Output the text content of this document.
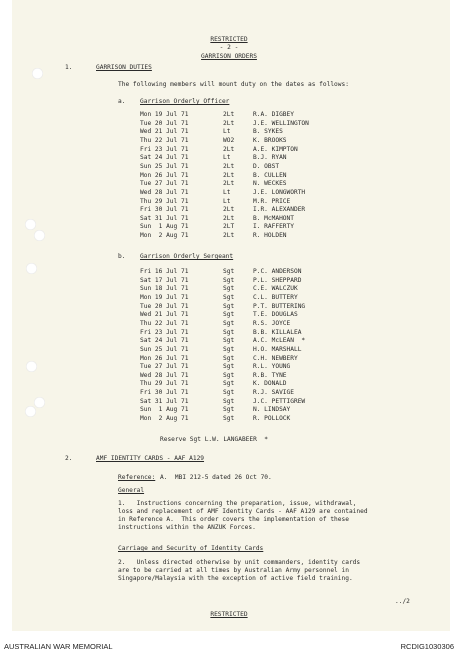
RESTRICTED
- 2 -
GARRISON ORDERS
1.	GARRISON DUTIES
The following members will mount duty on the dates as follows:
a. Garrison Orderly Officer
Mon 19 Jul 71	2Lt	R.A. DIGBEY
Tue 20 Jul 71	2Lt	J.E. WELLINGTON
Wed 21 Jul 71	Lt	B. SYKES
Thu 22 Jul 71	WO2	K. BROOKS
Fri 23 Jul 71	2Lt	A.E. KIMPTON
Sat 24 Jul 71	Lt	B.J. RYAN
Sun 25 Jul 71	2Lt	D. OBST
Mon 26 Jul 71	2Lt	B. CULLEN
Tue 27 Jul 71	2Lt	N. WECKES
Wed 28 Jul 71	Lt	J.E. LONGWORTH
Thu 29 Jul 71	Lt	M.R. PRICE
Fri 30 Jul 71	2Lt	I.R. ALEXANDER
Sat 31 Jul 71	2Lt	B. McMAHONT
Sun  1 Aug 71	2LT	I. RAFFERTY
Mon  2 Aug 71	2Lt	R. HOLDEN
b. Garrison Orderly Sergeant
Fri 16 Jul 71	Sgt	P.C. ANDERSON
Sat 17 Jul 71	Sgt	P.L. SHEPPARD
Sun 18 Jul 71	Sgt	C.E. WALCZUK
Mon 19 Jul 71	Sgt	C.L. BUTTERY
Tue 20 Jul 71	Sgt	P.T. BUTTERING
Wed 21 Jul 71	Sgt	T.E. DOUGLAS
Thu 22 Jul 71	Sgt	R.S. JOYCE
Fri 23 Jul 71	Sgt	B.B. KILLALEA
Sat 24 Jul 71	Sgt	A.C. McLEAN  *
Sun 25 Jul 71	Sgt	H.O. MARSHALL
Mon 26 Jul 71	Sgt	C.H. NEWBERY
Tue 27 Jul 71	Sgt	R.L. YOUNG
Wed 28 Jul 71	Sgt	R.B. TYNE
Thu 29 Jul 71	Sgt	K. DONALD
Fri 30 Jul 71	Sgt	R.J. SAVIGE
Sat 31 Jul 71	Sgt	J.C. PETTIGREW
Sun  1 Aug 71	Sgt	N. LINDSAY
Mon  2 Aug 71	Sgt	R. POLLOCK
Reserve Sgt L.W. LANGABEER  *
2.	AMF IDENTITY CARDS - AAF A129
Reference: A.  MBI 212-5 dated 26 Oct 70.
General
1.   Instructions concerning the preparation, issue, withdrawal,
loss and replacement of AMF Identity Cards - AAF A129 are contained
in Reference A.  This order covers the implementation of these
instructions within the ANZUK Forces.
Carriage and Security of Identity Cards
2.   Unless directed otherwise by unit commanders, identity cards
are to be carried at all times by Australian Army personnel in
Singapore/Malaysia with the exception of active field training.
../2
RESTRICTED
AUSTRALIAN WAR MEMORIAL	RCDIG1030306
